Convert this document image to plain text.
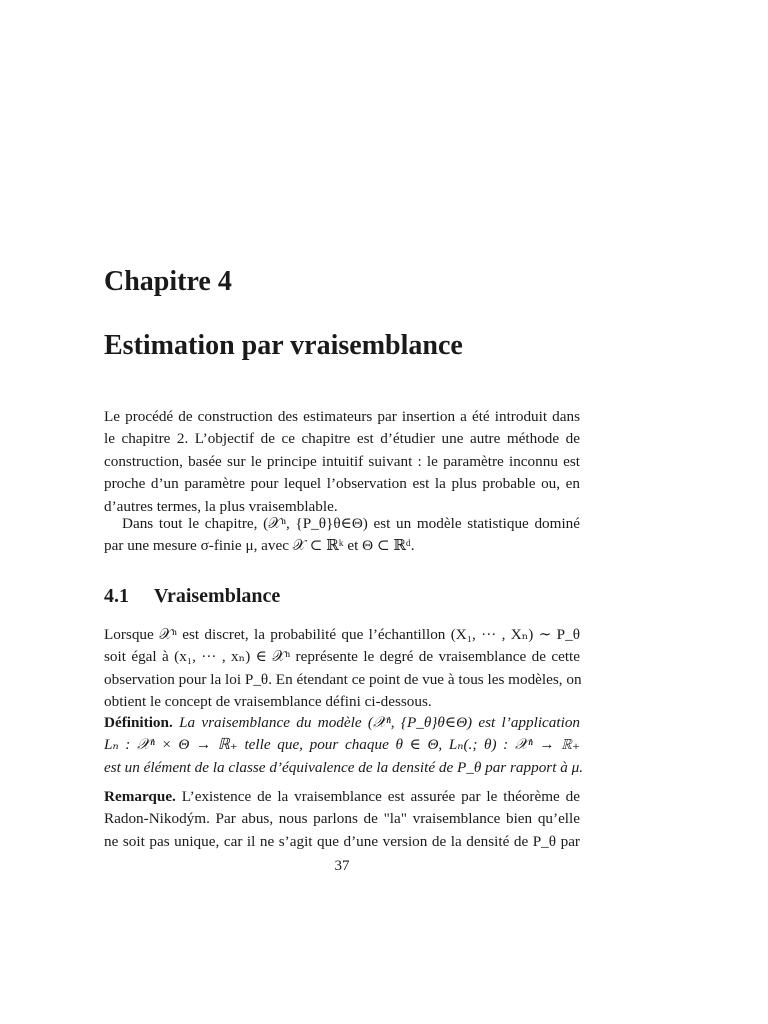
Chapitre 4
Estimation par vraisemblance
Le procédé de construction des estimateurs par insertion a été introduit dans
le chapitre 2. L’objectif de ce chapitre est d’étudier une autre méthode de
construction, basée sur le principe intuitif suivant : le paramètre inconnu est
proche d’un paramètre pour lequel l’observation est la plus probable ou, en
d’autres termes, la plus vraisemblable.
Dans tout le chapitre, (𝒳ⁿ, {P_θ}θ∈Θ) est un modèle statistique dominé
par une mesure σ-finie μ, avec 𝒳 ⊂ ℝᵏ et Θ ⊂ ℝᵈ.
4.1 Vraisemblance
Lorsque 𝒳ⁿ est discret, la probabilité que l’échantillon (X₁, ··· , Xₙ) ∼ P_θ
soit égal à (x₁, ··· , xₙ) ∈ 𝒳ⁿ représente le degré de vraisemblance de cette
observation pour la loi P_θ. En étendant ce point de vue à tous les modèles, on
obtient le concept de vraisemblance défini ci-dessous.
Définition. La vraisemblance du modèle (𝒳ⁿ, {P_θ}θ∈Θ) est l’application
Lₙ : 𝒳ⁿ × Θ → ℝ₊ telle que, pour chaque θ ∈ Θ, Lₙ(.; θ) : 𝒳ⁿ → ℝ₊
est un élément de la classe d’équivalence de la densité de P_θ par rapport à μ.
Remarque. L’existence de la vraisemblance est assurée par le théorème de
Radon-Nikodým. Par abus, nous parlons de "la" vraisemblance bien qu’elle
ne soit pas unique, car il ne s’agit que d’une version de la densité de P_θ par
37
